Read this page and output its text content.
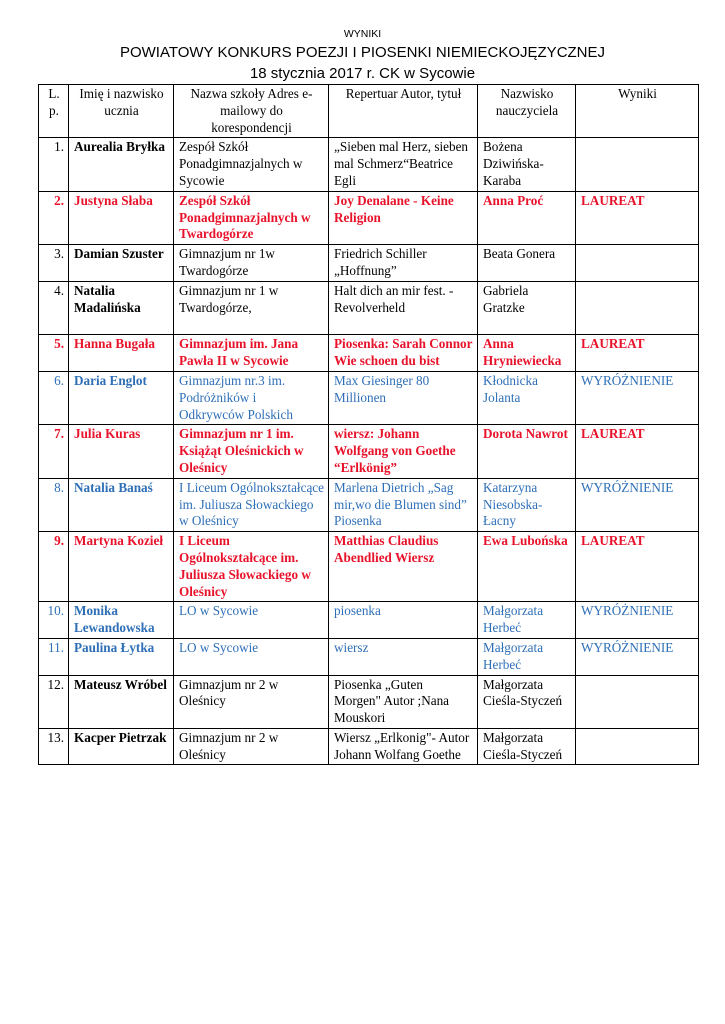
WYNIKI
POWIATOWY KONKURS POEZJI I PIOSENKI NIEMIECKOJĘZYCZNEJ
18 stycznia 2017 r. CK w Sycowie
L. p.	Imię i nazwisko ucznia	Nazwa szkoły Adres e-mailowy do korespondencji	Repertuar Autor, tytuł	Nazwisko nauczyciela	Wyniki
1.	Aurealia Bryłka	Zespół Szkół Ponadgimnazjalnych w Sycowie	„Sieben mal Herz, sieben mal Schmerz“Beatrice Egli	Bożena Dziwińska-Karaba	
2.	Justyna Słaba	Zespół Szkół Ponadgimnazjalnych w Twardogórze	Joy Denalane - Keine Religion	Anna Proć	LAUREAT
3.	Damian Szuster	Gimnazjum nr 1w Twardogórze	Friedrich Schiller „Hoffnung”	Beata Gonera	
4.	Natalia Madalińska	Gimnazjum nr 1 w Twardogórze,	Halt dich an mir fest. - Revolverheld	Gabriela Gratzke	
5.	Hanna Bugała	Gimnazjum im. Jana Pawła II w Sycowie	Piosenka: Sarah Connor Wie schoen du bist	Anna Hryniewiecka	LAUREAT
6.	Daria Englot	Gimnazjum nr.3 im. Podróżników i Odkrywców Polskich	Max Giesinger 80 Millionen	Kłodnicka Jolanta	WYRÓŻNIENIE
7.	Julia Kuras	Gimnazjum nr 1 im. Książąt Oleśnickich w Oleśnicy	wiersz: Johann Wolfgang von Goethe “Erlkönig”	Dorota Nawrot	LAUREAT
8.	Natalia Banaś	I Liceum Ogólnokształcące im. Juliusza Słowackiego w Oleśnicy	Marlena Dietrich „Sag mir,wo die Blumen sind” Piosenka	Katarzyna Niesobska-Łacny	WYRÓŻNIENIE
9.	Martyna Kozieł	I Liceum Ogólnokształcące im. Juliusza Słowackiego w Oleśnicy	Matthias Claudius Abendlied Wiersz	Ewa Lubońska	LAUREAT
10.	Monika Lewandowska	LO w Sycowie	piosenka	Małgorzata Herbeć	WYRÓŻNIENIE
11.	Paulina Łytka	LO w Sycowie	wiersz	Małgorzata Herbeć	WYRÓŻNIENIE
12.	Mateusz Wróbel	Gimnazjum nr 2 w Oleśnicy	Piosenka „Guten Morgen" Autor ;Nana Mouskori	Małgorzata Cieśla-Styczeń	
13.	Kacper Pietrzak	Gimnazjum nr 2 w Oleśnicy	Wiersz „Erlkonig"- Autor Johann Wolfang Goethe	Małgorzata Cieśla-Styczeń	
